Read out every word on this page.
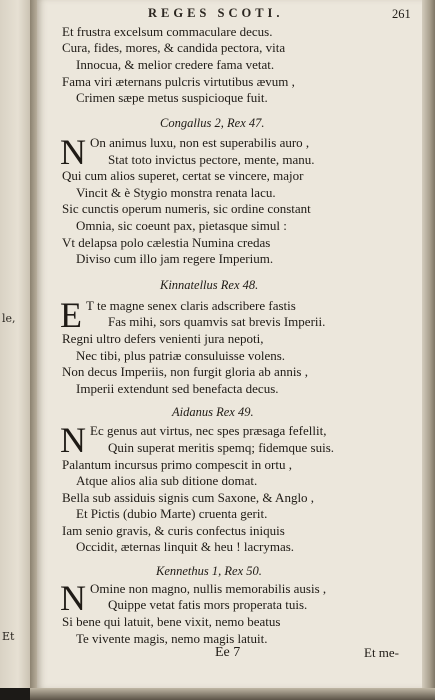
le,
Et
REGES SCOTI.	261
Et frustra excelsum commaculare decus.
Cura, fides, mores, & candida pectora, vita
Innocua, & melior credere fama vetat.
Fama viri æternans pulcris virtutibus ævum ,
Crimen sæpe metus suspicioque fuit.
Congallus 2, Rex 47.
N On animus luxu, non est superabilis auro ,
Stat toto invictus pectore, mente, manu.
Qui cum alios superet, certat se vincere, major
Vincit & è Stygio monstra renata lacu.
Sic cunctis operum numeris, sic ordine constant
Omnia, sic coeunt pax, pietasque simul :
Vt delapsa polo cælestia Numina credas
Diviso cum illo jam regere Imperium.
Kinnatellus Rex 48.
E T te magne senex claris adscribere fastis
Fas mihi, sors quamvis sat brevis Imperii.
Regni ultro defers venienti jura nepoti,
Nec tibi, plus patriæ consuluisse volens.
Non decus Imperiis, non furgit gloria ab annis ,
Imperii extendunt sed benefacta decus.
Aidanus Rex 49.
N Ec genus aut virtus, nec spes præsaga fefellit,
Quin superat meritis spemq; fidemque suis.
Palantum incursus primo compescit in ortu ,
Atque alios alia sub ditione domat.
Bella sub assiduis signis cum Saxone, & Anglo ,
Et Pictis (dubio Marte) cruenta gerit.
Iam senio gravis, & curis confectus iniquis
Occidit, æternas linquit & heu ! lacrymas.
Kennethus 1, Rex 50.
N Omine non magno, nullis memorabilis ausis ,
Quippe vetat fatis mors properata tuis.
Si bene qui latuit, bene vixit, nemo beatus
Te vivente magis, nemo magis latuit.
Ee 7	Et me-
